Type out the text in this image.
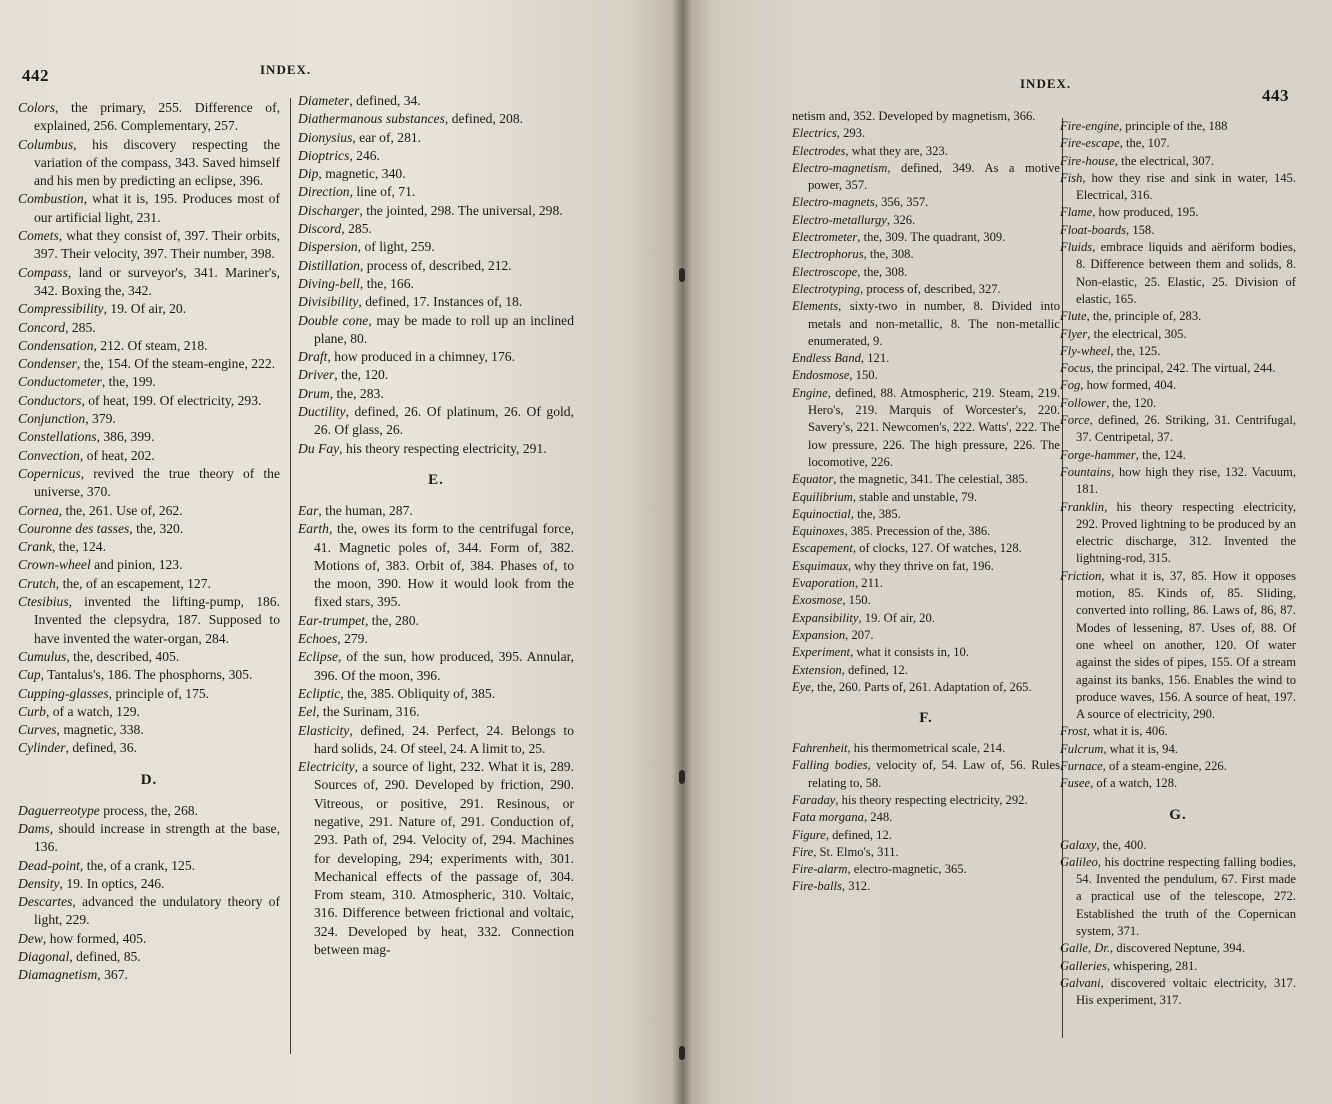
442	INDEX.
Colors, the primary, 255. Difference of, explained, 256. Complementary, 257.
Columbus, his discovery respecting the variation of the compass, 343. Saved himself and his men by predicting an eclipse, 396.
Combustion, what it is, 195. Produces most of our artificial light, 231.
Comets, what they consist of, 397. Their orbits, 397. Their velocity, 397. Their number, 398.
Compass, land or surveyor's, 341. Mariner's, 342. Boxing the, 342.
Compressibility, 19. Of air, 20.
Concord, 285.
Condensation, 212. Of steam, 218.
Condenser, the, 154. Of the steam-engine, 222.
Conductometer, the, 199.
Conductors, of heat, 199. Of electricity, 293.
Conjunction, 379.
Constellations, 386, 399.
Convection, of heat, 202.
Copernicus, revived the true theory of the universe, 370.
Cornea, the, 261. Use of, 262.
Couronne des tasses, the, 320.
Crank, the, 124.
Crown-wheel and pinion, 123.
Crutch, the, of an escapement, 127.
Ctesibius, invented the lifting-pump, 186. Invented the clepsydra, 187. Supposed to have invented the water-organ, 284.
Cumulus, the, described, 405.
Cup, Tantalus's, 186. The phosphorns, 305.
Cupping-glasses, principle of, 175.
Curb, of a watch, 129.
Curves, magnetic, 338.
Cylinder, defined, 36.
D.
Daguerreotype process, the, 268.
Dams, should increase in strength at the base, 136.
Dead-point, the, of a crank, 125.
Density, 19. In optics, 246.
Descartes, advanced the undulatory theory of light, 229.
Dew, how formed, 405.
Diagonal, defined, 85.
Diamagnetism, 367.
Diameter, defined, 34.
Diathermanous substances, defined, 208.
Dionysius, ear of, 281.
Dioptrics, 246.
Dip, magnetic, 340.
Direction, line of, 71.
Discharger, the jointed, 298. The universal, 298.
Discord, 285.
Dispersion, of light, 259.
Distillation, process of, described, 212.
Diving-bell, the, 166.
Divisibility, defined, 17. Instances of, 18.
Double cone, may be made to roll up an inclined plane, 80.
Draft, how produced in a chimney, 176.
Driver, the, 120.
Drum, the, 283.
Ductility, defined, 26. Of platinum, 26. Of gold, 26. Of glass, 26.
Du Fay, his theory respecting electricity, 291.
E.
Ear, the human, 287.
Earth, the, owes its form to the centrifugal force, 41. Magnetic poles of, 344. Form of, 382. Motions of, 383. Orbit of, 384. Phases of, to the moon, 390. How it would look from the fixed stars, 395.
Ear-trumpet, the, 280.
Echoes, 279.
Eclipse, of the sun, how produced, 395. Annular, 396. Of the moon, 396.
Ecliptic, the, 385. Obliquity of, 385.
Eel, the Surinam, 316.
Elasticity, defined, 24. Perfect, 24. Belongs to hard solids, 24. Of steel, 24. A limit to, 25.
Electricity, a source of light, 232. What it is, 289. Sources of, 290. Developed by friction, 290. Vitreous, or positive, 291. Resinous, or negative, 291. Nature of, 291. Conduction of, 293. Path of, 294. Velocity of, 294. Machines for developing, 294; experiments with, 301. Mechanical effects of the passage of, 304. From steam, 310. Atmospheric, 310. Voltaic, 316. Difference between frictional and voltaic, 324. Developed by heat, 332. Connection between mag-
INDEX.
443
netism and, 352. Developed by magnetism, 366.
Electrics, 293.
Electrodes, what they are, 323.
Electro-magnetism, defined, 349. As a motive power, 357.
Electro-magnets, 356, 357.
Electro-metallurgy, 326.
Electrometer, the, 309. The quadrant, 309.
Electrophorus, the, 308.
Electroscope, the, 308.
Electrotyping, process of, described, 327.
Elements, sixty-two in number, 8. Divided into metals and non-metallic, 8. The non-metallic enumerated, 9.
Endless Band, 121.
Endosmose, 150.
Engine, defined, 88. Atmospheric, 219. Steam, 219. Hero's, 219. Marquis of Worcester's, 220. Savery's, 221. Newcomen's, 222. Watts', 222. The low pressure, 226. The high pressure, 226. The locomotive, 226.
Equator, the magnetic, 341. The celestial, 385.
Equilibrium, stable and unstable, 79.
Equinoctial, the, 385.
Equinoxes, 385. Precession of the, 386.
Escapement, of clocks, 127. Of watches, 128.
Esquimaux, why they thrive on fat, 196.
Evaporation, 211.
Exosmose, 150.
Expansibility, 19. Of air, 20.
Expansion, 207.
Experiment, what it consists in, 10.
Extension, defined, 12.
Eye, the, 260. Parts of, 261. Adaptation of, 265.
F.
Fahrenheit, his thermometrical scale, 214.
Falling bodies, velocity of, 54. Law of, 56. Rules relating to, 58.
Faraday, his theory respecting electricity, 292.
Fata morgana, 248.
Figure, defined, 12.
Fire, St. Elmo's, 311.
Fire-alarm, electro-magnetic, 365.
Fire-balls, 312.
Fire-engine, principle of the, 188
Fire-escape, the, 107.
Fire-house, the electrical, 307.
Fish, how they rise and sink in water, 145. Electrical, 316.
Flame, how produced, 195.
Float-boards, 158.
Fluids, embrace liquids and aëriform bodies, 8. Difference between them and solids, 8. Non-elastic, 25. Elastic, 25. Division of elastic, 165.
Flute, the, principle of, 283.
Flyer, the electrical, 305.
Fly-wheel, the, 125.
Focus, the principal, 242. The virtual, 244.
Fog, how formed, 404.
Follower, the, 120.
Force, defined, 26. Striking, 31. Centrifugal, 37. Centripetal, 37.
Forge-hammer, the, 124.
Fountains, how high they rise, 132. Vacuum, 181.
Franklin, his theory respecting electricity, 292. Proved lightning to be produced by an electric discharge, 312. Invented the lightning-rod, 315.
Friction, what it is, 37, 85. How it opposes motion, 85. Kinds of, 85. Sliding, converted into rolling, 86. Laws of, 86, 87. Modes of lessening, 87. Uses of, 88. Of one wheel on another, 120. Of water against the sides of pipes, 155. Of a stream against its banks, 156. Enables the wind to produce waves, 156. A source of heat, 197. A source of electricity, 290.
Frost, what it is, 406.
Fulcrum, what it is, 94.
Furnace, of a steam-engine, 226.
Fusee, of a watch, 128.
G.
Galaxy, the, 400.
Galileo, his doctrine respecting falling bodies, 54. Invented the pendulum, 67. First made a practical use of the telescope, 272. Established the truth of the Copernican system, 371.
Galle, Dr., discovered Neptune, 394.
Galleries, whispering, 281.
Galvani, discovered voltaic electricity, 317. His experiment, 317.
